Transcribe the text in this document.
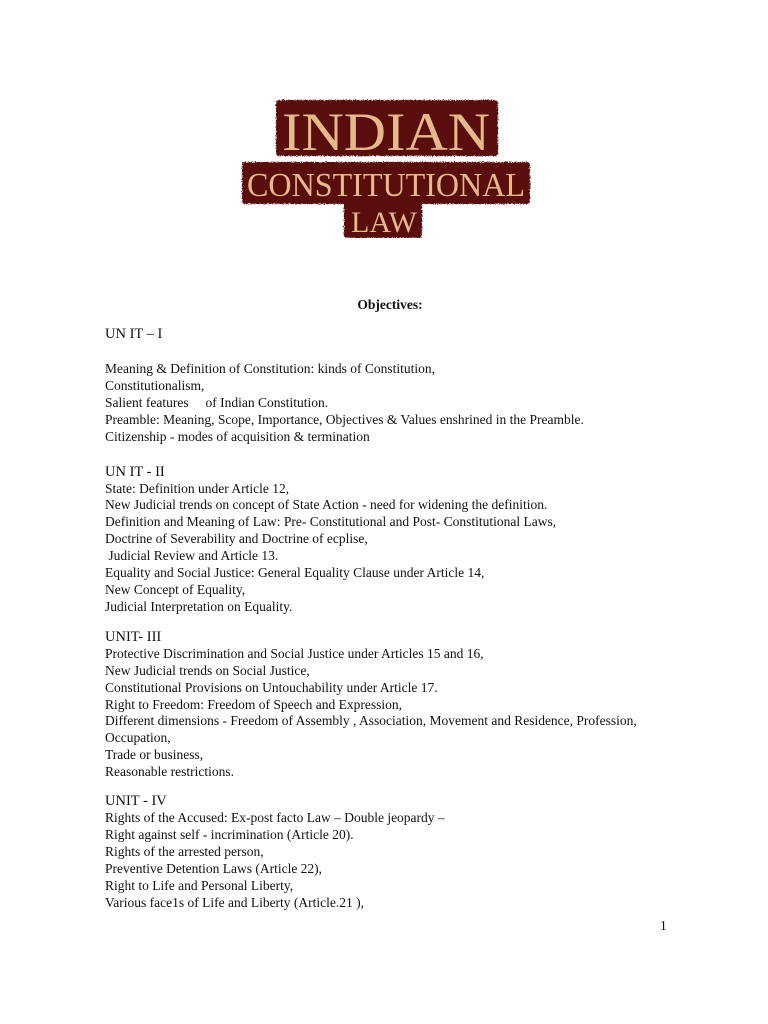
INDIAN
CONSTITUTIONAL
LAW
Objectives:
UN IT – I
Meaning & Definition of Constitution: kinds of Constitution,
Constitutionalism,
Salient features     of Indian Constitution.
Preamble: Meaning, Scope, Importance, Objectives & Values enshrined in the Preamble.
Citizenship - modes of acquisition & termination
UN IT - II
State: Definition under Article 12,
New Judicial trends on concept of State Action - need for widening the definition.
Definition and Meaning of Law: Pre- Constitutional and Post- Constitutional Laws,
Doctrine of Severability and Doctrine of ecplise,
Judicial Review and Article 13.
Equality and Social Justice: General Equality Clause under Article 14,
New Concept of Equality,
Judicial Interpretation on Equality.
UNIT- III
Protective Discrimination and Social Justice under Articles 15 and 16,
New Judicial trends on Social Justice,
Constitutional Provisions on Untouchability under Article 17.
Right to Freedom: Freedom of Speech and Expression,
Different dimensions - Freedom of Assembly , Association, Movement and Residence, Profession,
Occupation,
Trade or business,
Reasonable restrictions.
UNIT - IV
Rights of the Accused: Ex-post facto Law – Double jeopardy –
Right against self - incrimination (Article 20).
Rights of the arrested person,
Preventive Detention Laws (Article 22),
Right to Life and Personal Liberty,
Various face1s of Life and Liberty (Article.21 ),
1
